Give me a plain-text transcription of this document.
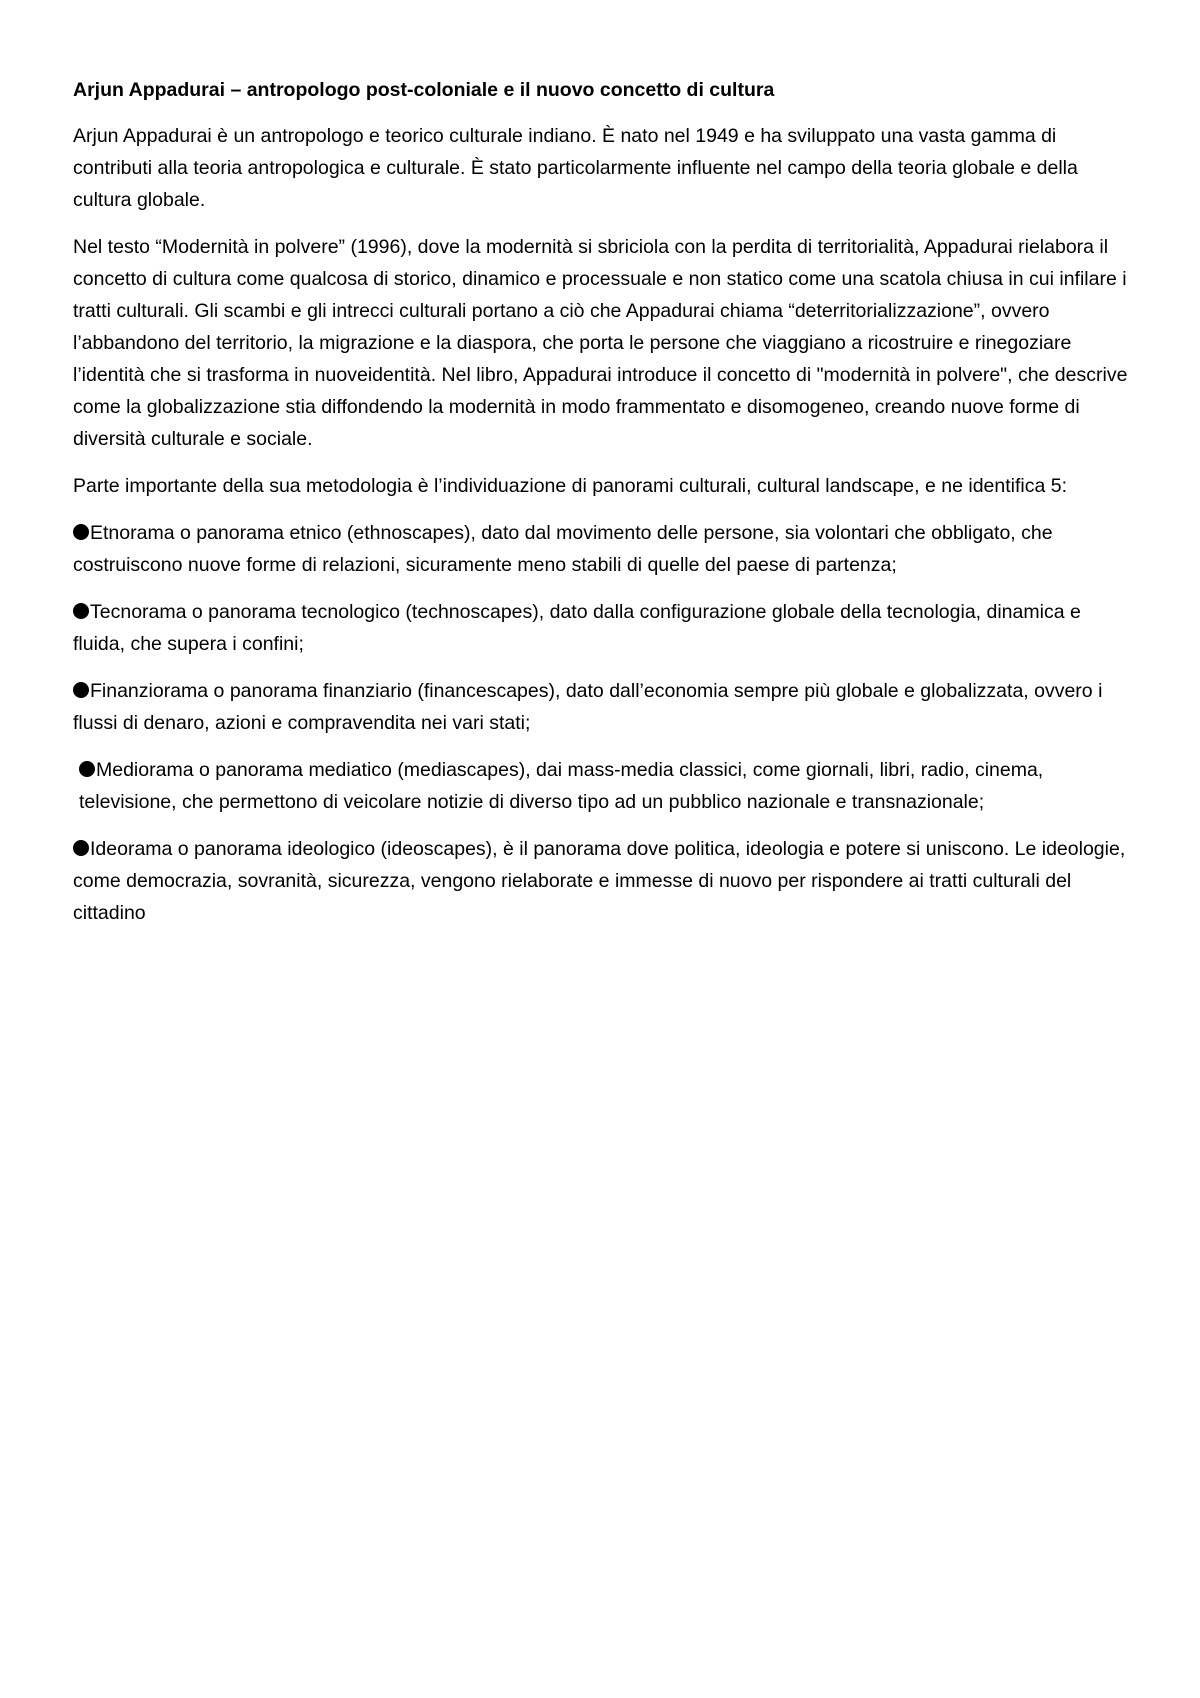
Arjun Appadurai – antropologo post-coloniale e il nuovo concetto di cultura

Arjun Appadurai è un antropologo e teorico culturale indiano. È nato nel 1949 e ha sviluppato una vasta gamma di contributi alla teoria antropologica e culturale. È stato particolarmente influente nel campo della teoria globale e della cultura globale.

Nel testo “Modernità in polvere” (1996), dove la modernità si sbriciola con la perdita di territorialità, Appadurai rielabora il concetto di cultura come qualcosa di storico, dinamico e processuale e non statico come una scatola chiusa in cui infilare i tratti culturali. Gli scambi e gli intrecci culturali portano a ciò che Appadurai chiama “deterritorializzazione”, ovvero l’abbandono del territorio, la migrazione e la diaspora, che porta le persone che viaggiano a ricostruire e rinegoziare l’identità che si trasforma in nuoveidentità. Nel libro, Appadurai introduce il concetto di "modernità in polvere", che descrive come la globalizzazione stia diffondendo la modernità in modo frammentato e disomogeneo, creando nuove forme di diversità culturale e sociale.

Parte importante della sua metodologia è l’individuazione di panorami culturali, cultural landscape, e ne identifica 5:

Etnorama o panorama etnico (ethnoscapes), dato dal movimento delle persone, sia volontari che obbligato, che costruiscono nuove forme di relazioni, sicuramente meno stabili di quelle del paese di partenza;

Tecnorama o panorama tecnologico (technoscapes), dato dalla configurazione globale della tecnologia, dinamica e fluida, che supera i confini;

Finanziorama o panorama finanziario (financescapes), dato dall’economia sempre più globale e globalizzata, ovvero i flussi di denaro, azioni e compravendita nei vari stati;

Mediorama o panorama mediatico (mediascapes), dai mass-media classici, come giornali, libri, radio, cinema, televisione, che permettono di veicolare notizie di diverso tipo ad un pubblico nazionale e transnazionale;

Ideorama o panorama ideologico (ideoscapes), è il panorama dove politica, ideologia e potere si uniscono. Le ideologie, come democrazia, sovranità, sicurezza, vengono rielaborate e immesse di nuovo per rispondere ai tratti culturali del cittadino
